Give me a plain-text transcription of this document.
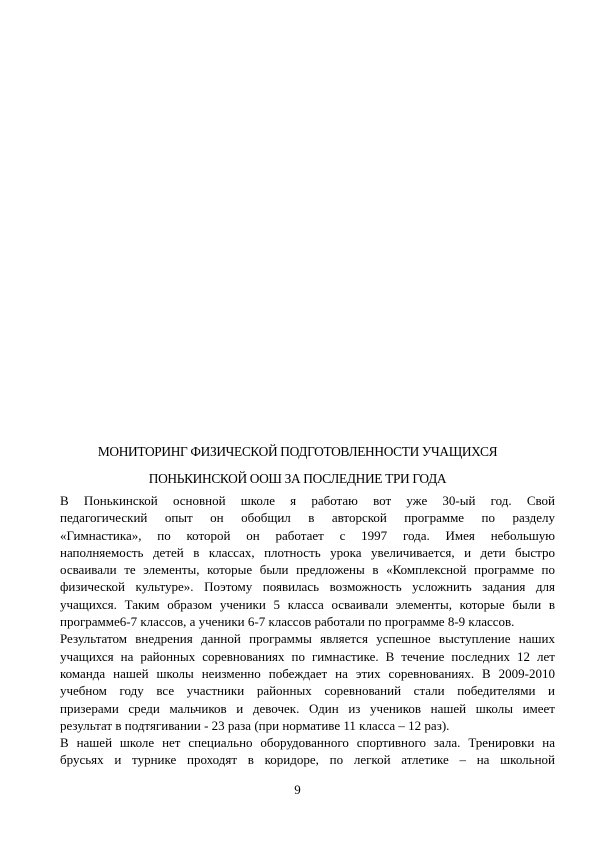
МОНИТОРИНГ ФИЗИЧЕСКОЙ ПОДГОТОВЛЕННОСТИ УЧАЩИХСЯ
ПОНЬКИНСКОЙ ООШ ЗА ПОСЛЕДНИЕ ТРИ ГОДА
В Понькинской основной школе я работаю вот уже 30-ый год. Свой
педагогический опыт он обобщил в авторской программе по разделу
«Гимнастика», по которой он работает с 1997 года. Имея небольшую
наполняемость детей в классах, плотность урока увеличивается, и дети быстро
осваивали те элементы, которые были предложены в «Комплексной программе по
физической культуре». Поэтому появилась возможность усложнить задания для
учащихся. Таким образом ученики 5 класса осваивали элементы, которые были в
программе6-7 классов, а ученики 6-7 классов работали по программе 8-9 классов.
Результатом внедрения данной программы является успешное выступление наших
учащихся на районных соревнованиях по гимнастике. В течение последних 12 лет
команда нашей школы неизменно побеждает на этих соревнованиях. В 2009-2010
учебном году все участники районных соревнований стали победителями и
призерами среди мальчиков и девочек. Один из учеников нашей школы имеет
результат в подтягивании - 23 раза (при нормативе 11 класса – 12 раз).
В нашей школе нет специально оборудованного спортивного зала. Тренировки на
брусьях и турнике проходят в коридоре, по легкой атлетике – на школьной
9
